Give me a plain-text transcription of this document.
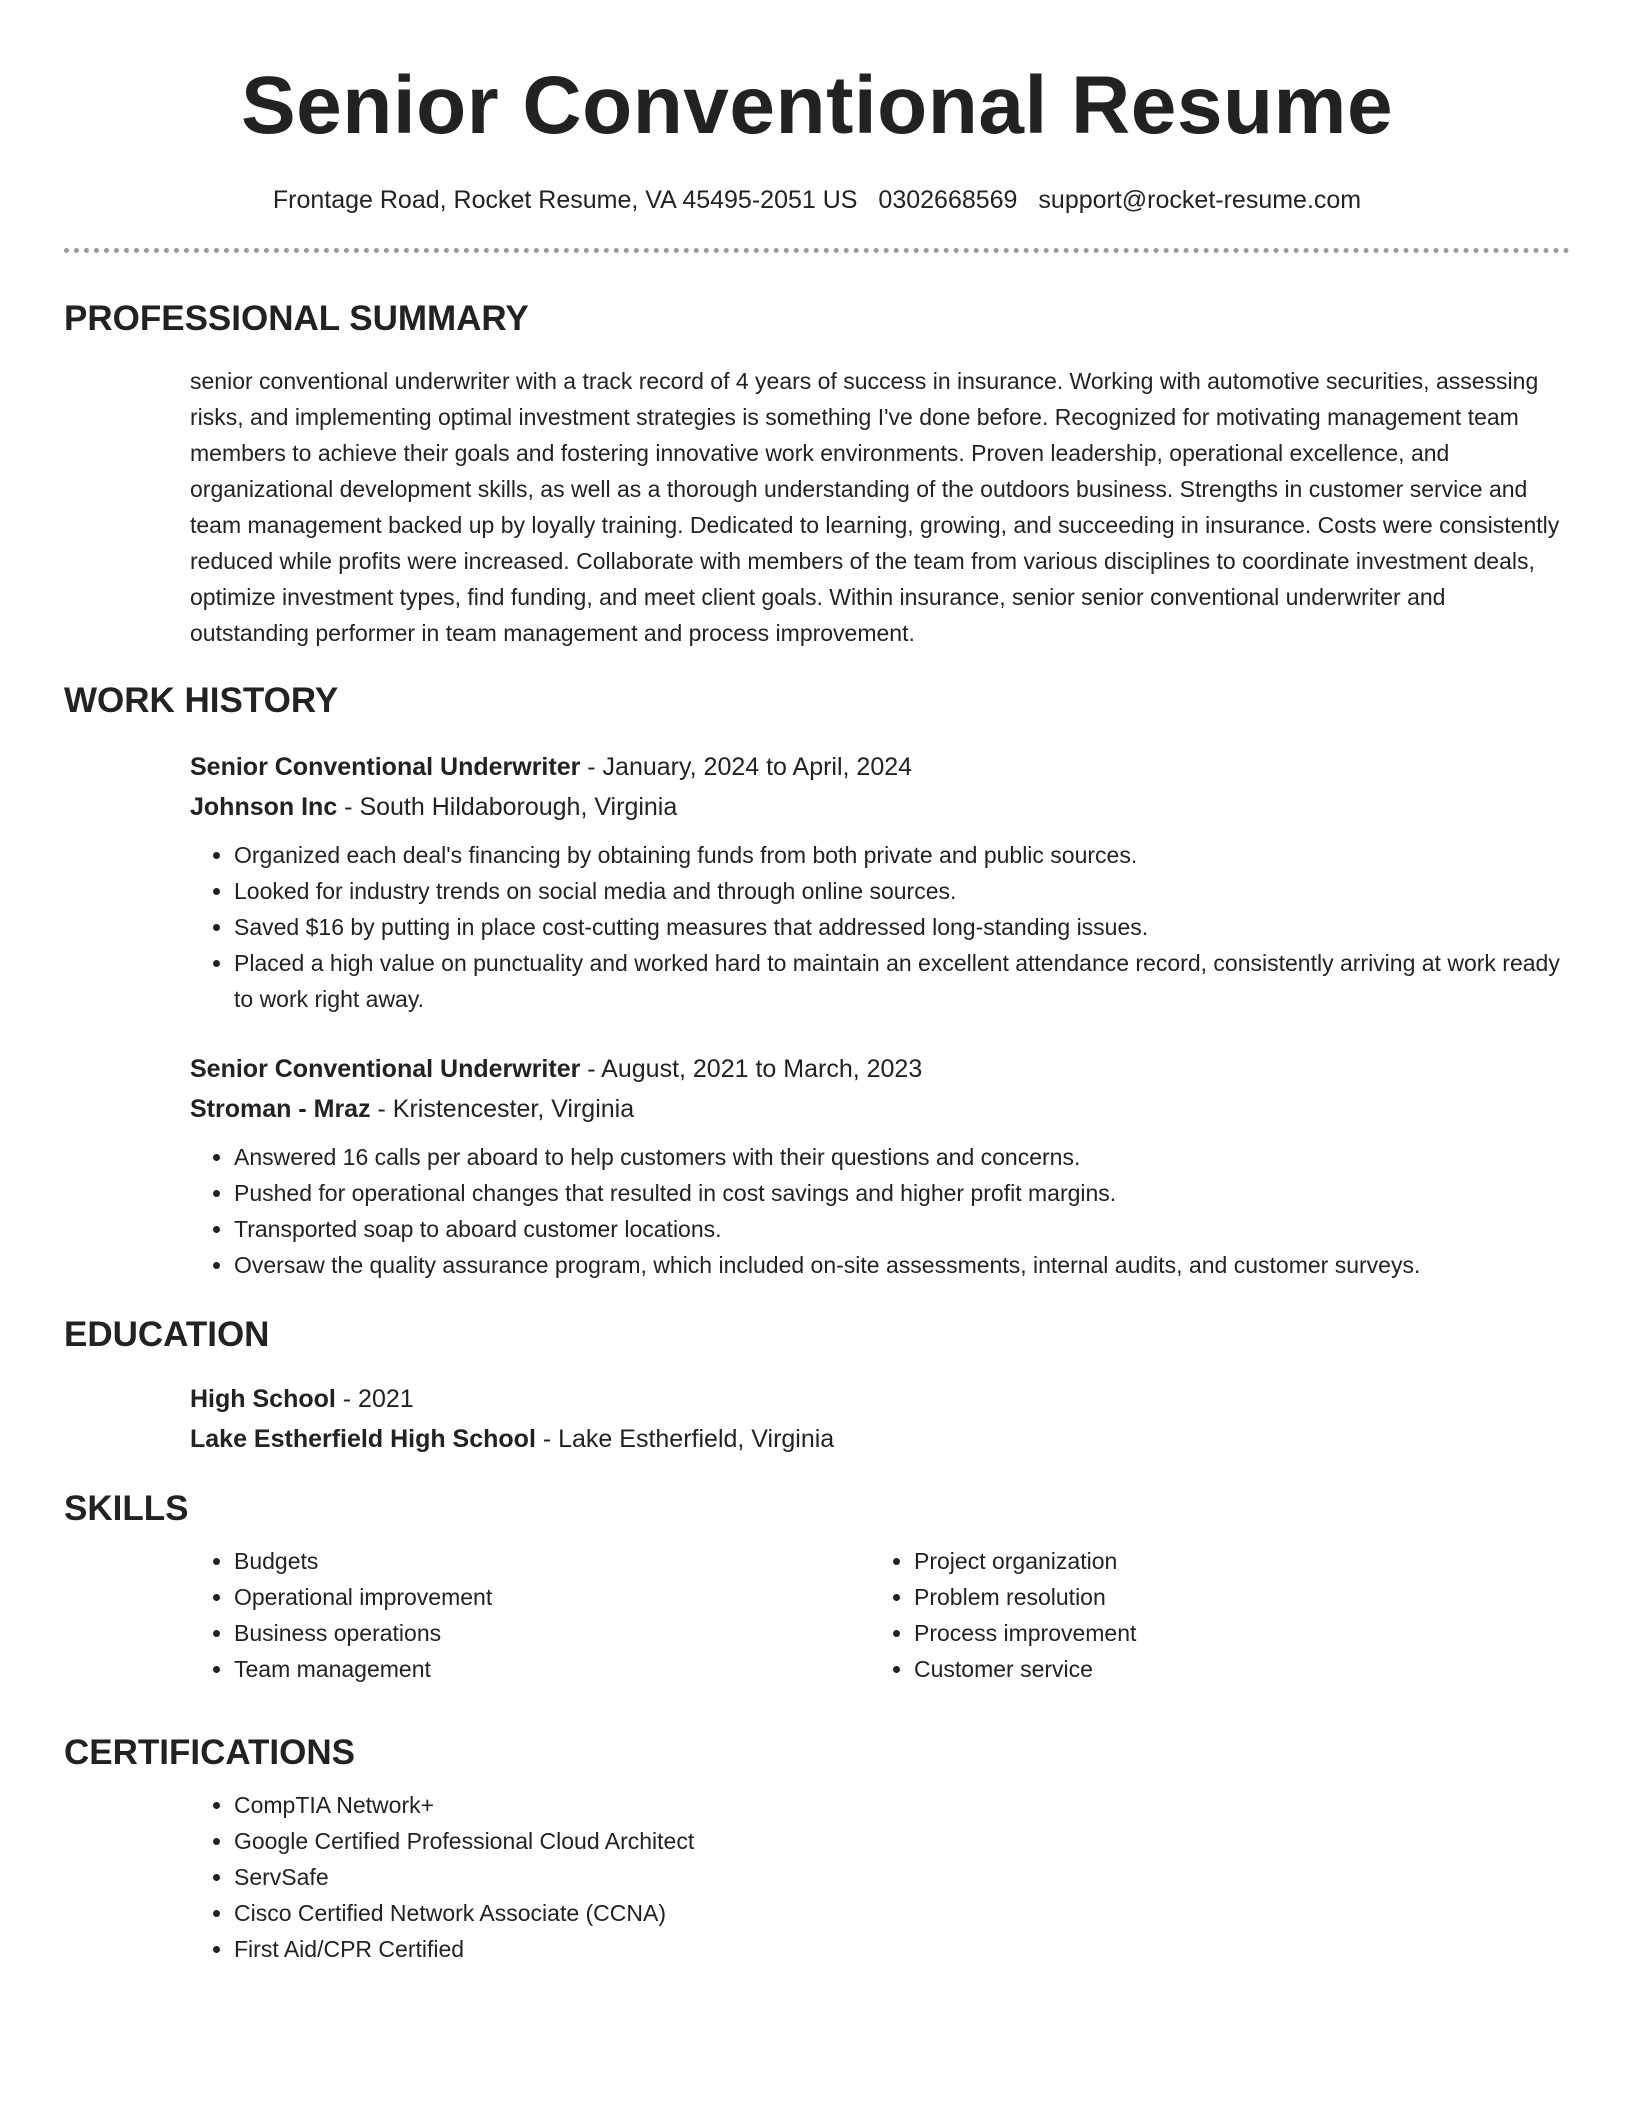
Senior Conventional Resume
Frontage Road, Rocket Resume, VA 45495-2051 US 0302668569 support@rocket-resume.com
PROFESSIONAL SUMMARY
senior conventional underwriter with a track record of 4 years of success in insurance. Working with automotive securities, assessing risks, and implementing optimal investment strategies is something I've done before. Recognized for motivating management team members to achieve their goals and fostering innovative work environments. Proven leadership, operational excellence, and organizational development skills, as well as a thorough understanding of the outdoors business. Strengths in customer service and team management backed up by loyally training. Dedicated to learning, growing, and succeeding in insurance. Costs were consistently reduced while profits were increased. Collaborate with members of the team from various disciplines to coordinate investment deals, optimize investment types, find funding, and meet client goals. Within insurance, senior senior conventional underwriter and outstanding performer in team management and process improvement.
WORK HISTORY
Senior Conventional Underwriter - January, 2024 to April, 2024
Johnson Inc - South Hildaborough, Virginia
• Organized each deal's financing by obtaining funds from both private and public sources.
• Looked for industry trends on social media and through online sources.
• Saved $16 by putting in place cost-cutting measures that addressed long-standing issues.
• Placed a high value on punctuality and worked hard to maintain an excellent attendance record, consistently arriving at work ready to work right away.
Senior Conventional Underwriter - August, 2021 to March, 2023
Stroman - Mraz - Kristencester, Virginia
• Answered 16 calls per aboard to help customers with their questions and concerns.
• Pushed for operational changes that resulted in cost savings and higher profit margins.
• Transported soap to aboard customer locations.
• Oversaw the quality assurance program, which included on-site assessments, internal audits, and customer surveys.
EDUCATION
High School - 2021
Lake Estherfield High School - Lake Estherfield, Virginia
SKILLS
• Budgets
• Operational improvement
• Business operations
• Team management
• Project organization
• Problem resolution
• Process improvement
• Customer service
CERTIFICATIONS
• CompTIA Network+
• Google Certified Professional Cloud Architect
• ServSafe
• Cisco Certified Network Associate (CCNA)
• First Aid/CPR Certified
